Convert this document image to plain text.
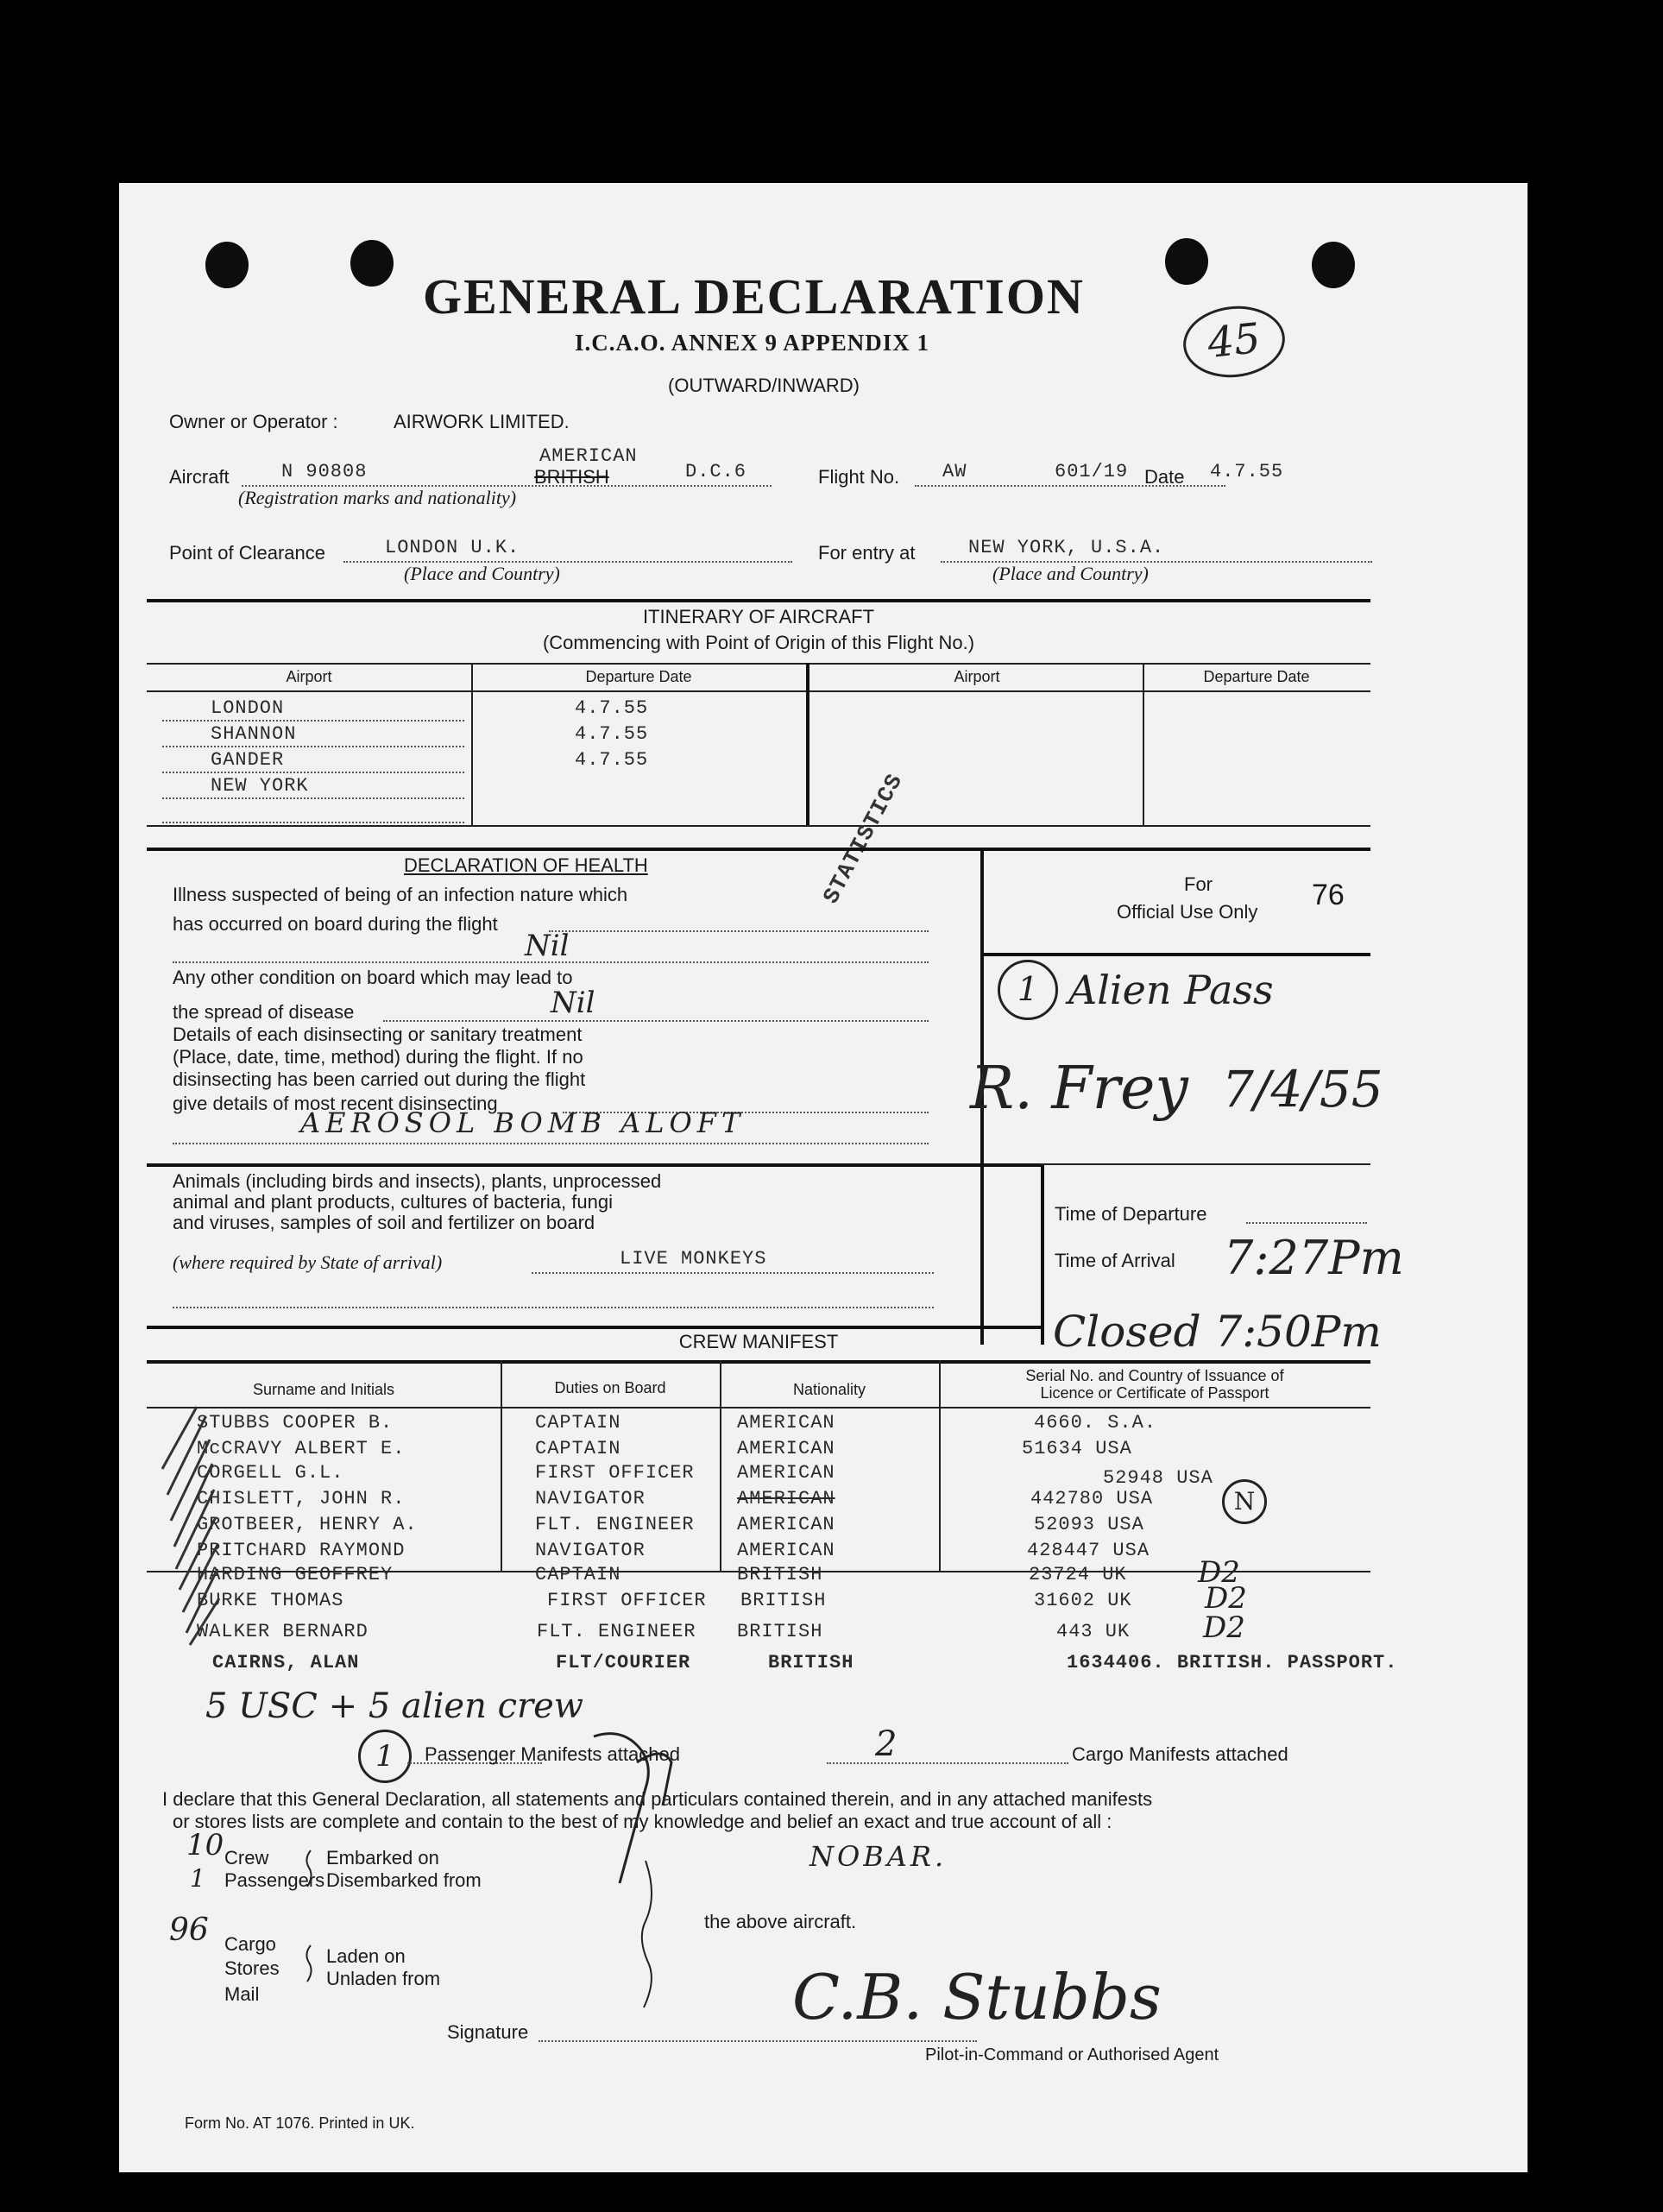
GENERAL DECLARATION
I.C.A.O. ANNEX 9 APPENDIX 1
(OUTWARD/INWARD)
45
Owner or Operator :	AIRWORK LIMITED.
Aircraft	N 90808
AMERICAN
BRITISH	D.C.6
(Registration marks and nationality)
Flight No. AW	601/19 Date 4.7.55
Point of Clearance	LONDON U.K.
(Place and Country)
For entry at	NEW YORK, U.S.A.
(Place and Country)
ITINERARY OF AIRCRAFT
(Commencing with Point of Origin of this Flight No.)
Airport	Departure Date	Airport	Departure Date
LONDON	4.7.55
SHANNON	4.7.55
GANDER	4.7.55
NEW YORK	STATISTICS
DECLARATION OF HEALTH
Illness suspected of being of an infection nature which
has occurred on board during the flight
Nil
Any other condition on board which may lead to
the spread of disease	Nil
Details of each disinsecting or sanitary treatment
(Place, date, time, method) during the flight. If no
disinsecting has been carried out during the flight
give details of most recent disinsecting
AEROSOL BOMB ALOFT
For
Official Use Only
76
1 Alien Pass
R. Frey 7/4/55
Time of Departure
Time of Arrival 7:27Pm
Closed 7:50Pm
Animals (including birds and insects), plants, unprocessed
animal and plant products, cultures of bacteria, fungi
and viruses, samples of soil and fertilizer on board
(where required by State of arrival)	LIVE MONKEYS
CREW MANIFEST
Surname and Initials	Duties on Board	Nationality
Serial No. and Country of Issuance of
Licence or Certificate of Passport
STUBBS COOPER B.	CAPTAIN	AMERICAN	4660. S.A.
McCRAVY ALBERT E.	CAPTAIN	AMERICAN	51634 USA
CORGELL G.L.	FIRST OFFICER AMERICAN	52948 USA
CHISLETT, JOHN R.	NAVIGATOR	AMERICAN	442780 USA	N
GROTBEER, HENRY A.	FLT. ENGINEER AMERICAN	52093 USA
PRITCHARD RAYMOND	NAVIGATOR	AMERICAN	428447 USA
HARDING GEOFFREY	CAPTAIN	BRITISH	23724 UK D2
BURKE THOMAS	FIRST OFFICER BRITISH	31602 UK D2
WALKER BERNARD	FLT. ENGINEER BRITISH	443 UK D2
CAIRNS, ALAN	FLT/COURIER	BRITISH	1634406. BRITISH. PASSPORT.
5 USC + 5 alien crew
1	Passenger Manifests attached	2	Cargo Manifests attached
I declare that this General Declaration, all statements and particulars contained therein, and in any attached manifests
or stores lists are complete and contain to the best of my knowledge and belief an exact and true account of all :
NOBAR.
10 Crew
1 Passengers
Embarked on
Disembarked from
96 Cargo
Stores
Mail
Laden on
Unladen from
the above aircraft.
Signature	C.B. Stubbs
Pilot-in-Command or Authorised Agent
Form No. AT 1076. Printed in UK.
